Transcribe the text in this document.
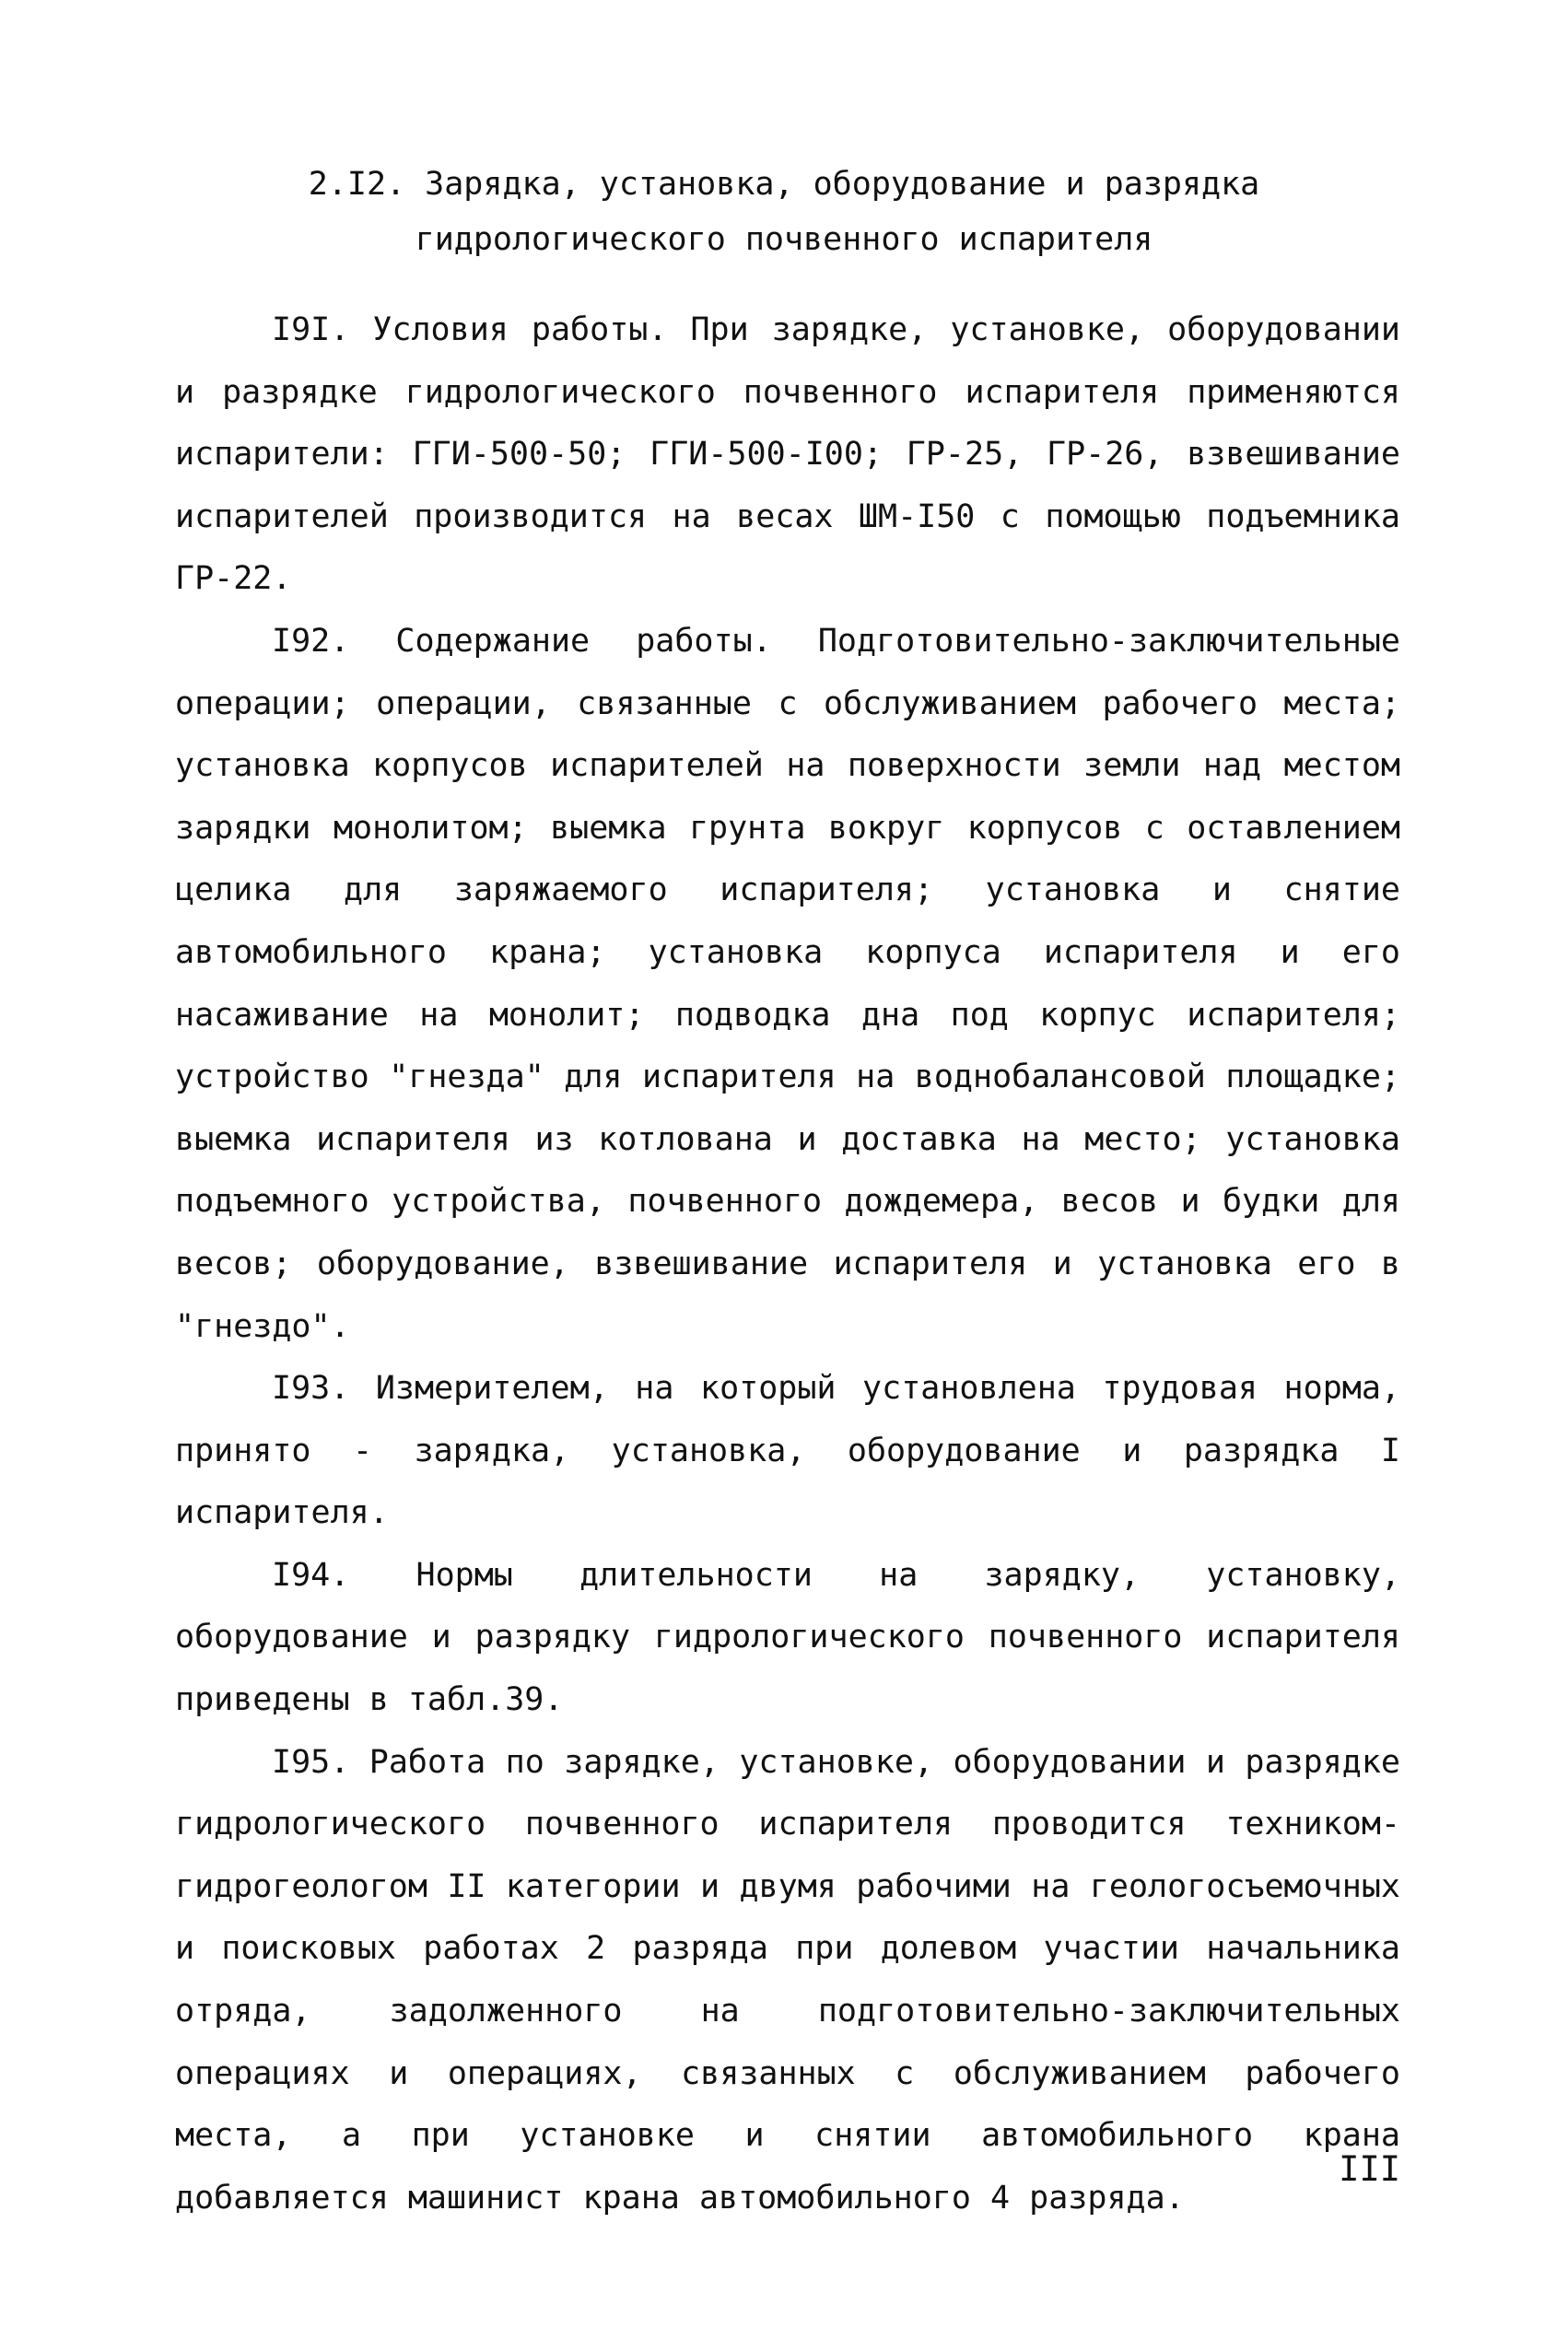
2.I2. Зарядка, установка, оборудование и разрядка
гидрологического почвенного испарителя

I9I. Условия работы. При зарядке, установке, оборудовании и разрядке гидрологического почвенного испарителя применяются испарители: ГГИ-500-50; ГГИ-500-I00; ГР-25, ГР-26, взвешивание испарителей производится на весах ШМ-I50 с помощью подъемника ГР-22.

I92. Содержание работы. Подготовительно-заключительные операции; операции, связанные с обслуживанием рабочего места; установка корпусов испарителей на поверхности земли над местом зарядки монолитом; выемка грунта вокруг корпусов с оставлением целика для заряжаемого испарителя; установка и снятие автомобильного крана; установка корпуса испарителя и его насаживание на монолит; подводка дна под корпус испарителя; устройство "гнезда" для испарителя на воднобалансовой площадке; выемка испарителя из котлована и доставка на место; установка подъемного устройства, почвенного дождемера, весов и будки для весов; оборудование, взвешивание испарителя и установка его в "гнездо".

I93. Измерителем, на который установлена трудовая норма, принято - зарядка, установка, оборудование и разрядка I испарителя.

I94. Нормы длительности на зарядку, установку, оборудование и разрядку гидрологического почвенного испарителя приведены в табл.39.

I95. Работа по зарядке, установке, оборудовании и разрядке гидрологического почвенного испарителя проводится техником-гидрогеологом II категории и двумя рабочими на геологосъемочных и поисковых работах 2 разряда при долевом участии начальника отряда, задолженного на подготовительно-заключительных операциях и операциях, связанных с обслуживанием рабочего места, а при установке и снятии автомобильного крана добавляется машинист крана автомобильного 4 разряда.

III
